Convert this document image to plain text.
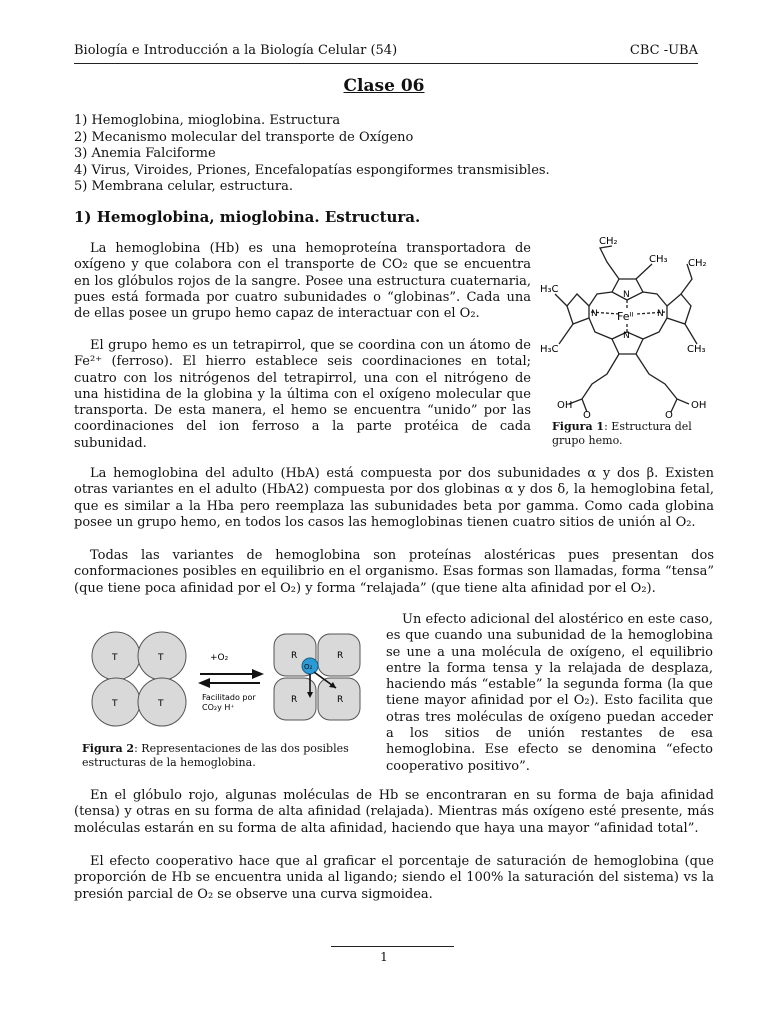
Biología e Introducción a la Biología Celular (54)	CBC -UBA
Clase 06
1) Hemoglobina, mioglobina. Estructura
2) Mecanismo molecular del transporte de Oxígeno
3) Anemia Falciforme
4) Virus, Viroides, Priones, Encefalopatías espongiformes transmisibles.
5) Membrana celular, estructura.
1) Hemoglobina, mioglobina. Estructura.

La hemoglobina (Hb) es una hemoproteína transportadora de oxígeno y que colabora con el transporte de CO₂ que se encuentra en los glóbulos rojos de la sangre. Posee una estructura cuaternaria, pues está formada por cuatro subunidades o “globinas”. Cada una de ellas posee un grupo hemo capaz de interactuar con el O₂.

El grupo hemo es un tetrapirrol, que se coordina con un átomo de Fe²⁺ (ferroso). El hierro establece seis coordinaciones en total; cuatro con los nitrógenos del tetrapirrol, una con el nitrógeno de una histidina de la globina y la última con el oxígeno molecular que transporta. De esta manera, el hemo se encuentra “unido” por las coordinaciones del ion ferroso a la parte protéica de cada subunidad.

CH₂
CH₂
CH₃
H₃C
H₃C	CH₃
Feᴵᴵ
N
N	N
N
OH
O
OH
O
Figura 1: Estructura del grupo hemo.

La hemoglobina del adulto (HbA) está compuesta por dos subunidades α y dos β. Existen otras variantes en el adulto (HbA2) compuesta por dos globinas α y dos δ, la hemoglobina fetal, que es similar a la Hba pero reemplaza las subunidades beta por gamma. Como cada globina posee un grupo hemo, en todos los casos las hemoglobinas tienen cuatro sitios de unión al O₂.

Todas las variantes de hemoglobina son proteínas alostéricas pues presentan dos conformaciones posibles en equilibrio en el organismo. Esas formas son llamadas, forma “tensa” (que tiene poca afinidad por el O₂) y forma “relajada” (que tiene alta afinidad por el O₂).

T	T
T	T
R	R
R	R
O₂
+O₂
Facilitado por
CO₂y H⁺
Figura 2: Representaciones de las dos posibles estructuras de la hemoglobina.

Un efecto adicional del alostérico en este caso, es que cuando una subunidad de la hemoglobina se une a una molécula de oxígeno, el equilibrio entre la forma tensa y la relajada de desplaza, haciendo más “estable” la segunda forma (la que tiene mayor afinidad por el O₂). Esto facilita que otras tres moléculas de oxígeno puedan acceder a los sitios de unión restantes de esa hemoglobina. Ese efecto se denomina “efecto cooperativo positivo”.

En el glóbulo rojo, algunas moléculas de Hb se encontraran en su forma de baja afinidad (tensa) y otras en su forma de alta afinidad (relajada). Mientras más oxígeno esté presente, más moléculas estarán en su forma de alta afinidad, haciendo que haya una mayor “afinidad total”.

El efecto cooperativo hace que al graficar el porcentaje de saturación de hemoglobina (que proporción de Hb se encuentra unida al ligando; siendo el 100% la saturación del sistema) vs la presión parcial de O₂ se observe una curva sigmoidea.

1
